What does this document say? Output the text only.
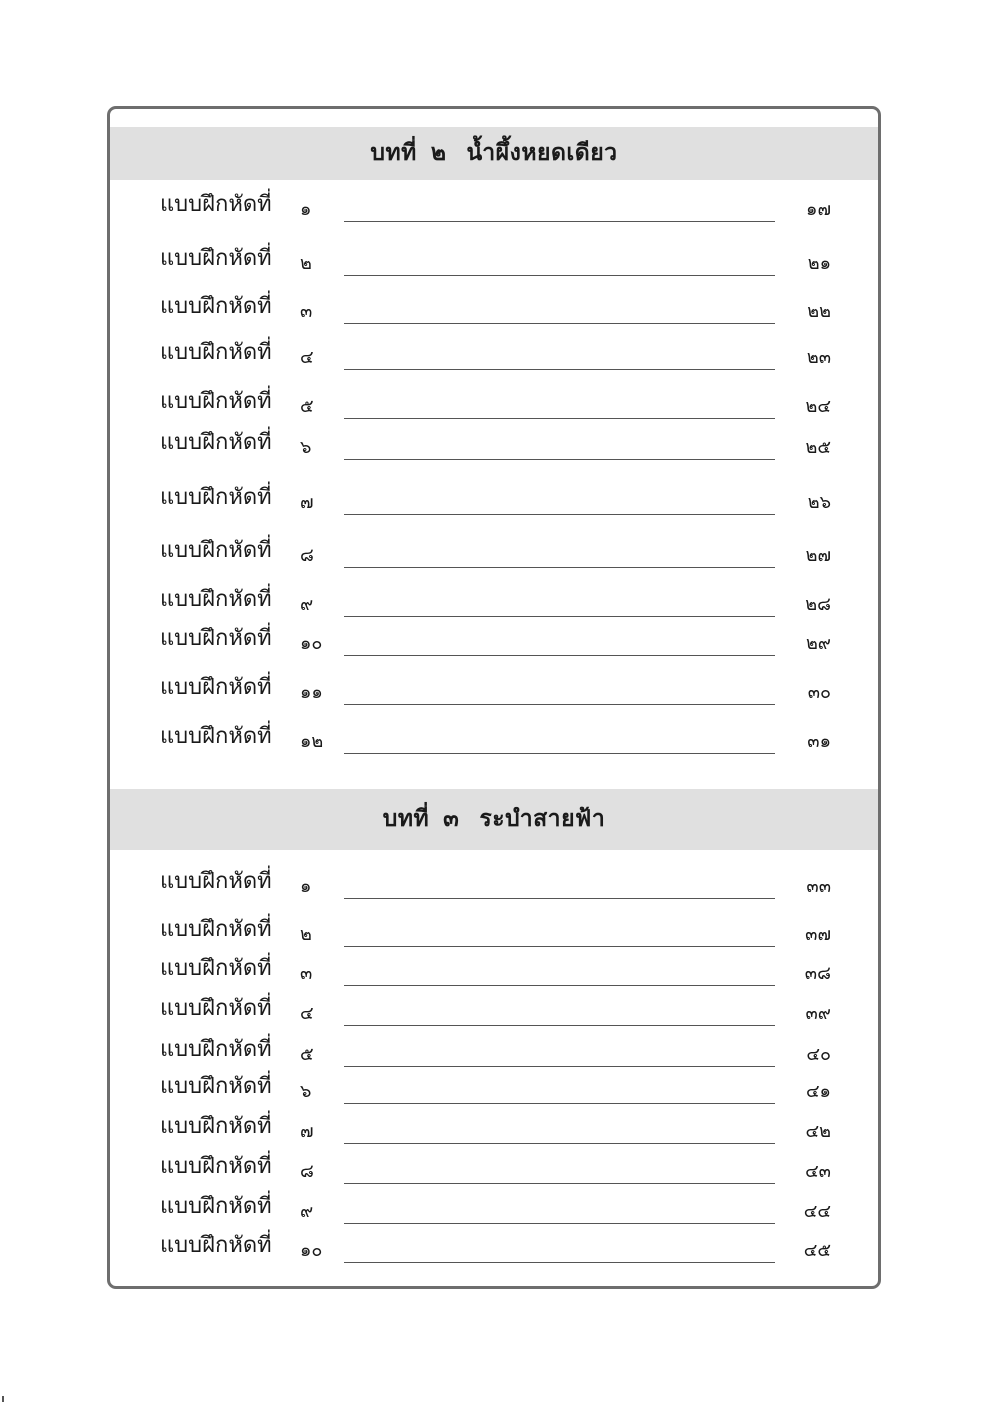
บทที่ ๒ น้ำผึ้งหยดเดียว
แบบฝึกหัดที่ ๑	๑๗
แบบฝึกหัดที่ ๒	๒๑
แบบฝึกหัดที่ ๓	๒๒
แบบฝึกหัดที่ ๔	๒๓
แบบฝึกหัดที่ ๕	๒๔
แบบฝึกหัดที่ ๖	๒๕
แบบฝึกหัดที่ ๗	๒๖
แบบฝึกหัดที่ ๘	๒๗
แบบฝึกหัดที่ ๙	๒๘
แบบฝึกหัดที่ ๑๐	๒๙
แบบฝึกหัดที่ ๑๑	๓๐
แบบฝึกหัดที่ ๑๒	๓๑
บทที่ ๓ ระบำสายฟ้า
แบบฝึกหัดที่ ๑	๓๓
แบบฝึกหัดที่ ๒	๓๗
แบบฝึกหัดที่ ๓	๓๘
แบบฝึกหัดที่ ๔	๓๙
แบบฝึกหัดที่ ๕	๔๐
แบบฝึกหัดที่ ๖	๔๑
แบบฝึกหัดที่ ๗	๔๒
แบบฝึกหัดที่ ๘	๔๓
แบบฝึกหัดที่ ๙	๔๔
แบบฝึกหัดที่ ๑๐	๔๕
